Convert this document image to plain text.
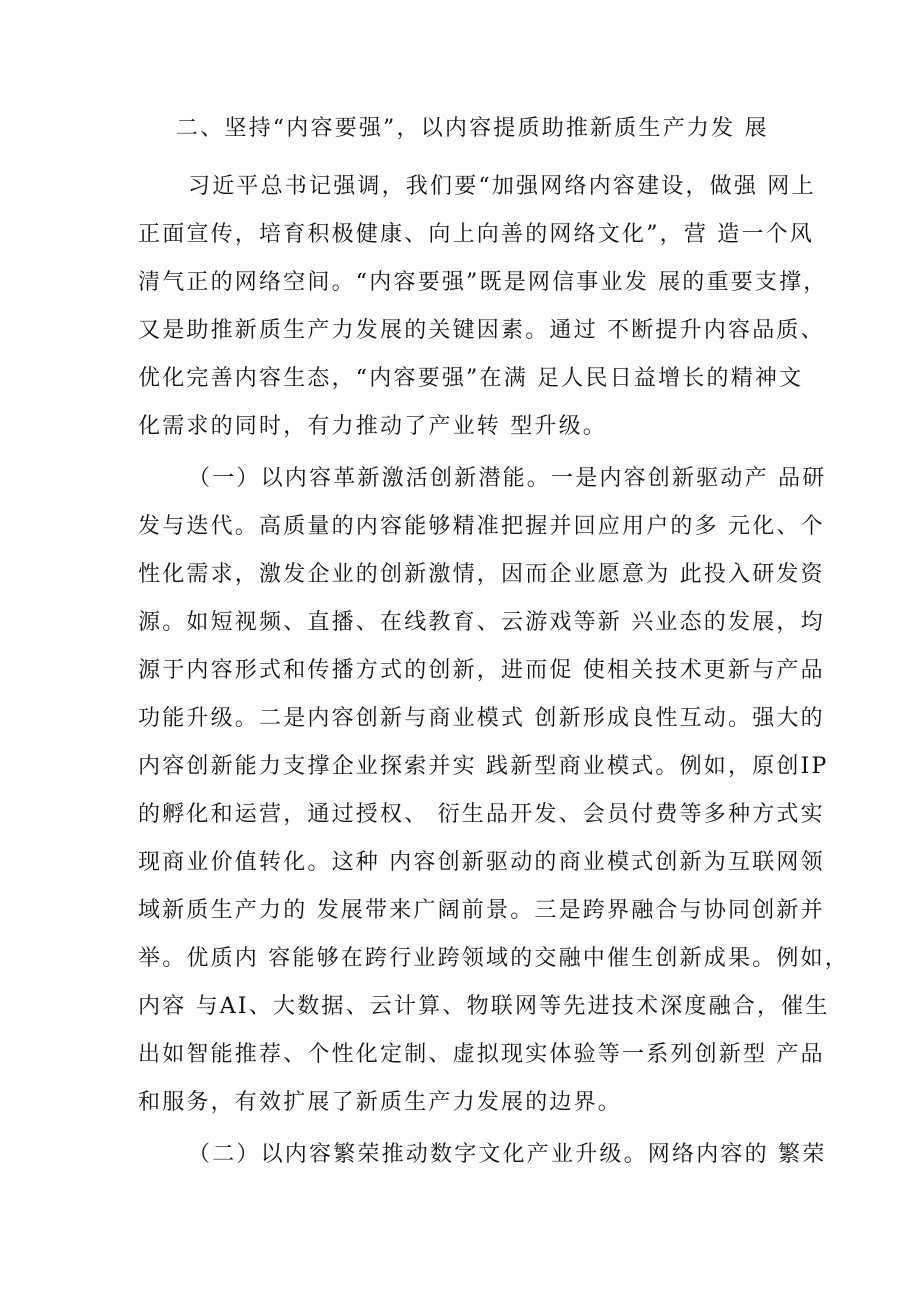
二、坚持“内容要强”，以内容提质助推新质生产力发 展
习近平总书记强调，我们要“加强网络内容建设，做强 网上
正面宣传，培育积极健康、向上向善的网络文化”，营 造一个风
清气正的网络空间。“内容要强”既是网信事业发 展的重要支撑，
又是助推新质生产力发展的关键因素。通过 不断提升内容品质、
优化完善内容生态，“内容要强”在满 足人民日益增长的精神文
化需求的同时，有力推动了产业转 型升级。
（一）以内容革新激活创新潜能。一是内容创新驱动产 品研
发与迭代。高质量的内容能够精准把握并回应用户的多 元化、个
性化需求，激发企业的创新激情，因而企业愿意为 此投入研发资
源。如短视频、直播、在线教育、云游戏等新 兴业态的发展，均
源于内容形式和传播方式的创新，进而促 使相关技术更新与产品
功能升级。二是内容创新与商业模式 创新形成良性互动。强大的
内容创新能力支撑企业探索并实 践新型商业模式。例如，原创IP
的孵化和运营，通过授权、 衍生品开发、会员付费等多种方式实
现商业价值转化。这种 内容创新驱动的商业模式创新为互联网领
域新质生产力的 发展带来广阔前景。三是跨界融合与协同创新并
举。优质内 容能够在跨行业跨领域的交融中催生创新成果。例如，
内容 与AI、大数据、云计算、物联网等先进技术深度融合，催生
出如智能推荐、个性化定制、虚拟现实体验等一系列创新型 产品
和服务，有效扩展了新质生产力发展的边界。
（二）以内容繁荣推动数字文化产业升级。网络内容的 繁荣
